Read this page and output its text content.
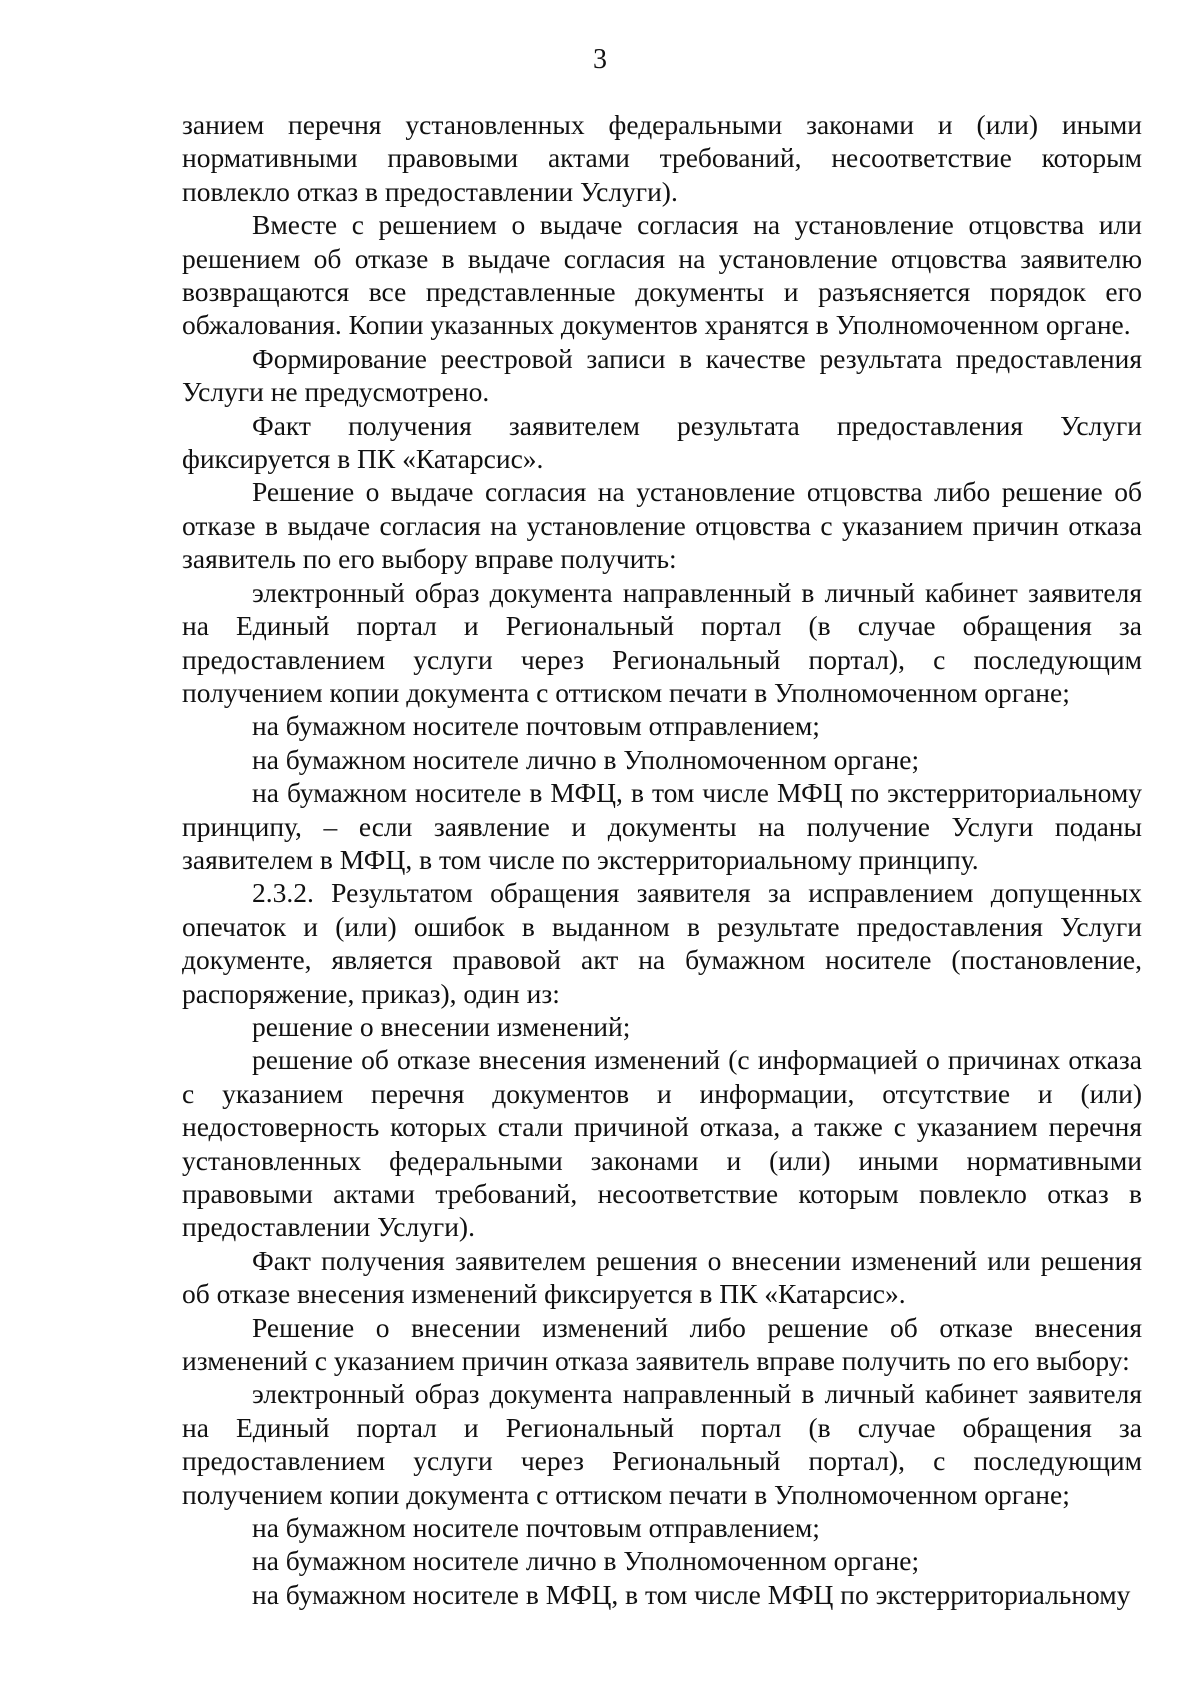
3

занием перечня установленных федеральными законами и (или) иными нормативными правовыми актами требований, несоответствие которым повлекло отказ в предоставлении Услуги).

Вместе с решением о выдаче согласия на установление отцовства или решением об отказе в выдаче согласия на установление отцовства заявителю возвращаются все представленные документы и разъясняется порядок его обжалования. Копии указанных документов хранятся в Уполномоченном органе.

Формирование реестровой записи в качестве результата предоставления Услуги не предусмотрено.

Факт получения заявителем результата предоставления Услуги фиксируется в ПК «Катарсис».

Решение о выдаче согласия на установление отцовства либо решение об отказе в выдаче согласия на установление отцовства с указанием причин отказа заявитель по его выбору вправе получить:

электронный образ документа направленный в личный кабинет заявителя на Единый портал и Региональный портал (в случае обращения за предоставлением услуги через Региональный портал), с последующим получением копии документа с оттиском печати в Уполномоченном органе;

на бумажном носителе почтовым отправлением;

на бумажном носителе лично в Уполномоченном органе;

на бумажном носителе в МФЦ, в том числе МФЦ по экстерриториальному принципу, – если заявление и документы на получение Услуги поданы заявителем в МФЦ, в том числе по экстерриториальному принципу.

2.3.2. Результатом обращения заявителя за исправлением допущенных опечаток и (или) ошибок в выданном в результате предоставления Услуги документе, является правовой акт на бумажном носителе (постановление, распоряжение, приказ), один из:

решение о внесении изменений;

решение об отказе внесения изменений (с информацией о причинах отказа с указанием перечня документов и информации, отсутствие и (или) недостоверность которых стали причиной отказа, а также с указанием перечня установленных федеральными законами и (или) иными нормативными правовыми актами требований, несоответствие которым повлекло отказ в предоставлении Услуги).

Факт получения заявителем решения о внесении изменений или решения об отказе внесения изменений фиксируется в ПК «Катарсис».

Решение о внесении изменений либо решение об отказе внесения изменений с указанием причин отказа заявитель вправе получить по его выбору:

электронный образ документа направленный в личный кабинет заявителя на Единый портал и Региональный портал (в случае обращения за предоставлением услуги через Региональный портал), с последующим получением копии документа с оттиском печати в Уполномоченном органе;

на бумажном носителе почтовым отправлением;

на бумажном носителе лично в Уполномоченном органе;

на бумажном носителе в МФЦ, в том числе МФЦ по экстерриториальному
